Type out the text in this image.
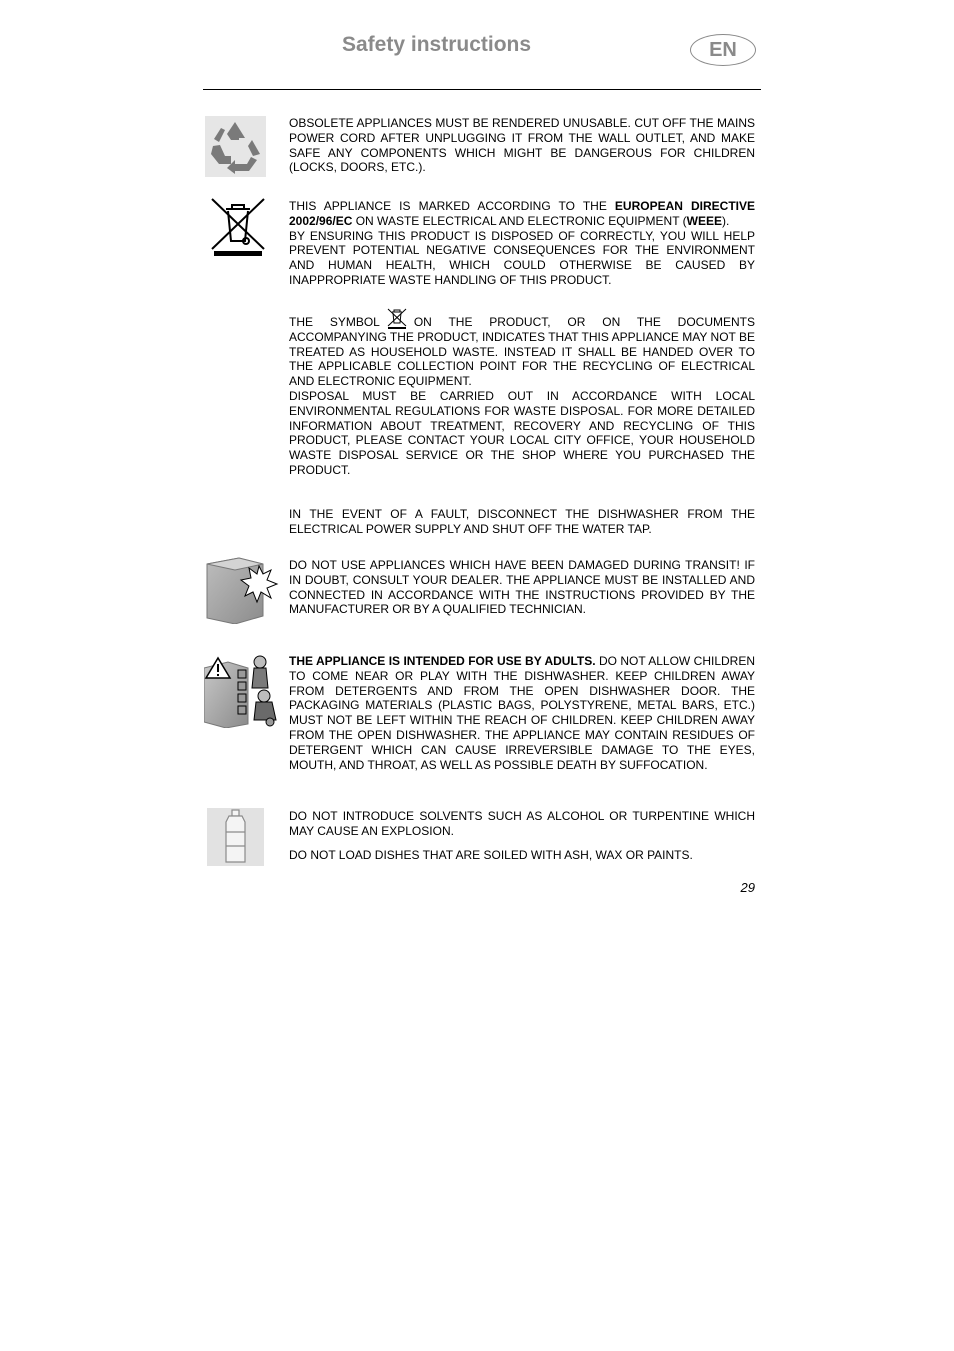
Safety instructions	EN

OBSOLETE APPLIANCES MUST BE RENDERED UNUSABLE. CUT OFF THE MAINS POWER CORD AFTER UNPLUGGING IT FROM THE WALL OUTLET, AND MAKE SAFE ANY COMPONENTS WHICH MIGHT BE DANGEROUS FOR CHILDREN (LOCKS, DOORS, ETC.).

THIS APPLIANCE IS MARKED ACCORDING TO THE EUROPEAN DIRECTIVE 2002/96/EC ON WASTE ELECTRICAL AND ELECTRONIC EQUIPMENT (WEEE).

BY ENSURING THIS PRODUCT IS DISPOSED OF CORRECTLY, YOU WILL HELP PREVENT POTENTIAL NEGATIVE CONSEQUENCES FOR THE ENVIRONMENT AND HUMAN HEALTH, WHICH COULD OTHERWISE BE CAUSED BY INAPPROPRIATE WASTE HANDLING OF THIS PRODUCT.

THE SYMBOL	ON THE PRODUCT, OR ON THE DOCUMENTS ACCOMPANYING THE PRODUCT, INDICATES THAT THIS APPLIANCE MAY NOT BE TREATED AS HOUSEHOLD WASTE. INSTEAD IT SHALL BE HANDED OVER TO THE APPLICABLE COLLECTION POINT FOR THE RECYCLING OF ELECTRICAL AND ELECTRONIC EQUIPMENT.

DISPOSAL MUST BE CARRIED OUT IN ACCORDANCE WITH LOCAL ENVIRONMENTAL REGULATIONS FOR WASTE DISPOSAL. FOR MORE DETAILED INFORMATION ABOUT TREATMENT, RECOVERY AND RECYCLING OF THIS PRODUCT, PLEASE CONTACT YOUR LOCAL CITY OFFICE, YOUR HOUSEHOLD WASTE DISPOSAL SERVICE OR THE SHOP WHERE YOU PURCHASED THE PRODUCT.

IN THE EVENT OF A FAULT, DISCONNECT THE DISHWASHER FROM THE ELECTRICAL POWER SUPPLY AND SHUT OFF THE WATER TAP.

DO NOT USE APPLIANCES WHICH HAVE BEEN DAMAGED DURING TRANSIT! IF IN DOUBT, CONSULT YOUR DEALER. THE APPLIANCE MUST BE INSTALLED AND CONNECTED IN ACCORDANCE WITH THE INSTRUCTIONS PROVIDED BY THE MANUFACTURER OR BY A QUALIFIED TECHNICIAN.

THE APPLIANCE IS INTENDED FOR USE BY ADULTS. DO NOT ALLOW CHILDREN TO COME NEAR OR PLAY WITH THE DISHWASHER. KEEP CHILDREN AWAY FROM DETERGENTS AND FROM THE OPEN DISHWASHER DOOR. THE PACKAGING MATERIALS (PLASTIC BAGS, POLYSTYRENE, METAL BARS, ETC.) MUST NOT BE LEFT WITHIN THE REACH OF CHILDREN. KEEP CHILDREN AWAY FROM THE OPEN DISHWASHER. THE APPLIANCE MAY CONTAIN RESIDUES OF DETERGENT WHICH CAN CAUSE IRREVERSIBLE DAMAGE TO THE EYES, MOUTH, AND THROAT, AS WELL AS POSSIBLE DEATH BY SUFFOCATION.

DO NOT INTRODUCE SOLVENTS SUCH AS ALCOHOL OR TURPENTINE WHICH MAY CAUSE AN EXPLOSION.

DO NOT LOAD DISHES THAT ARE SOILED WITH ASH, WAX OR PAINTS.

29
